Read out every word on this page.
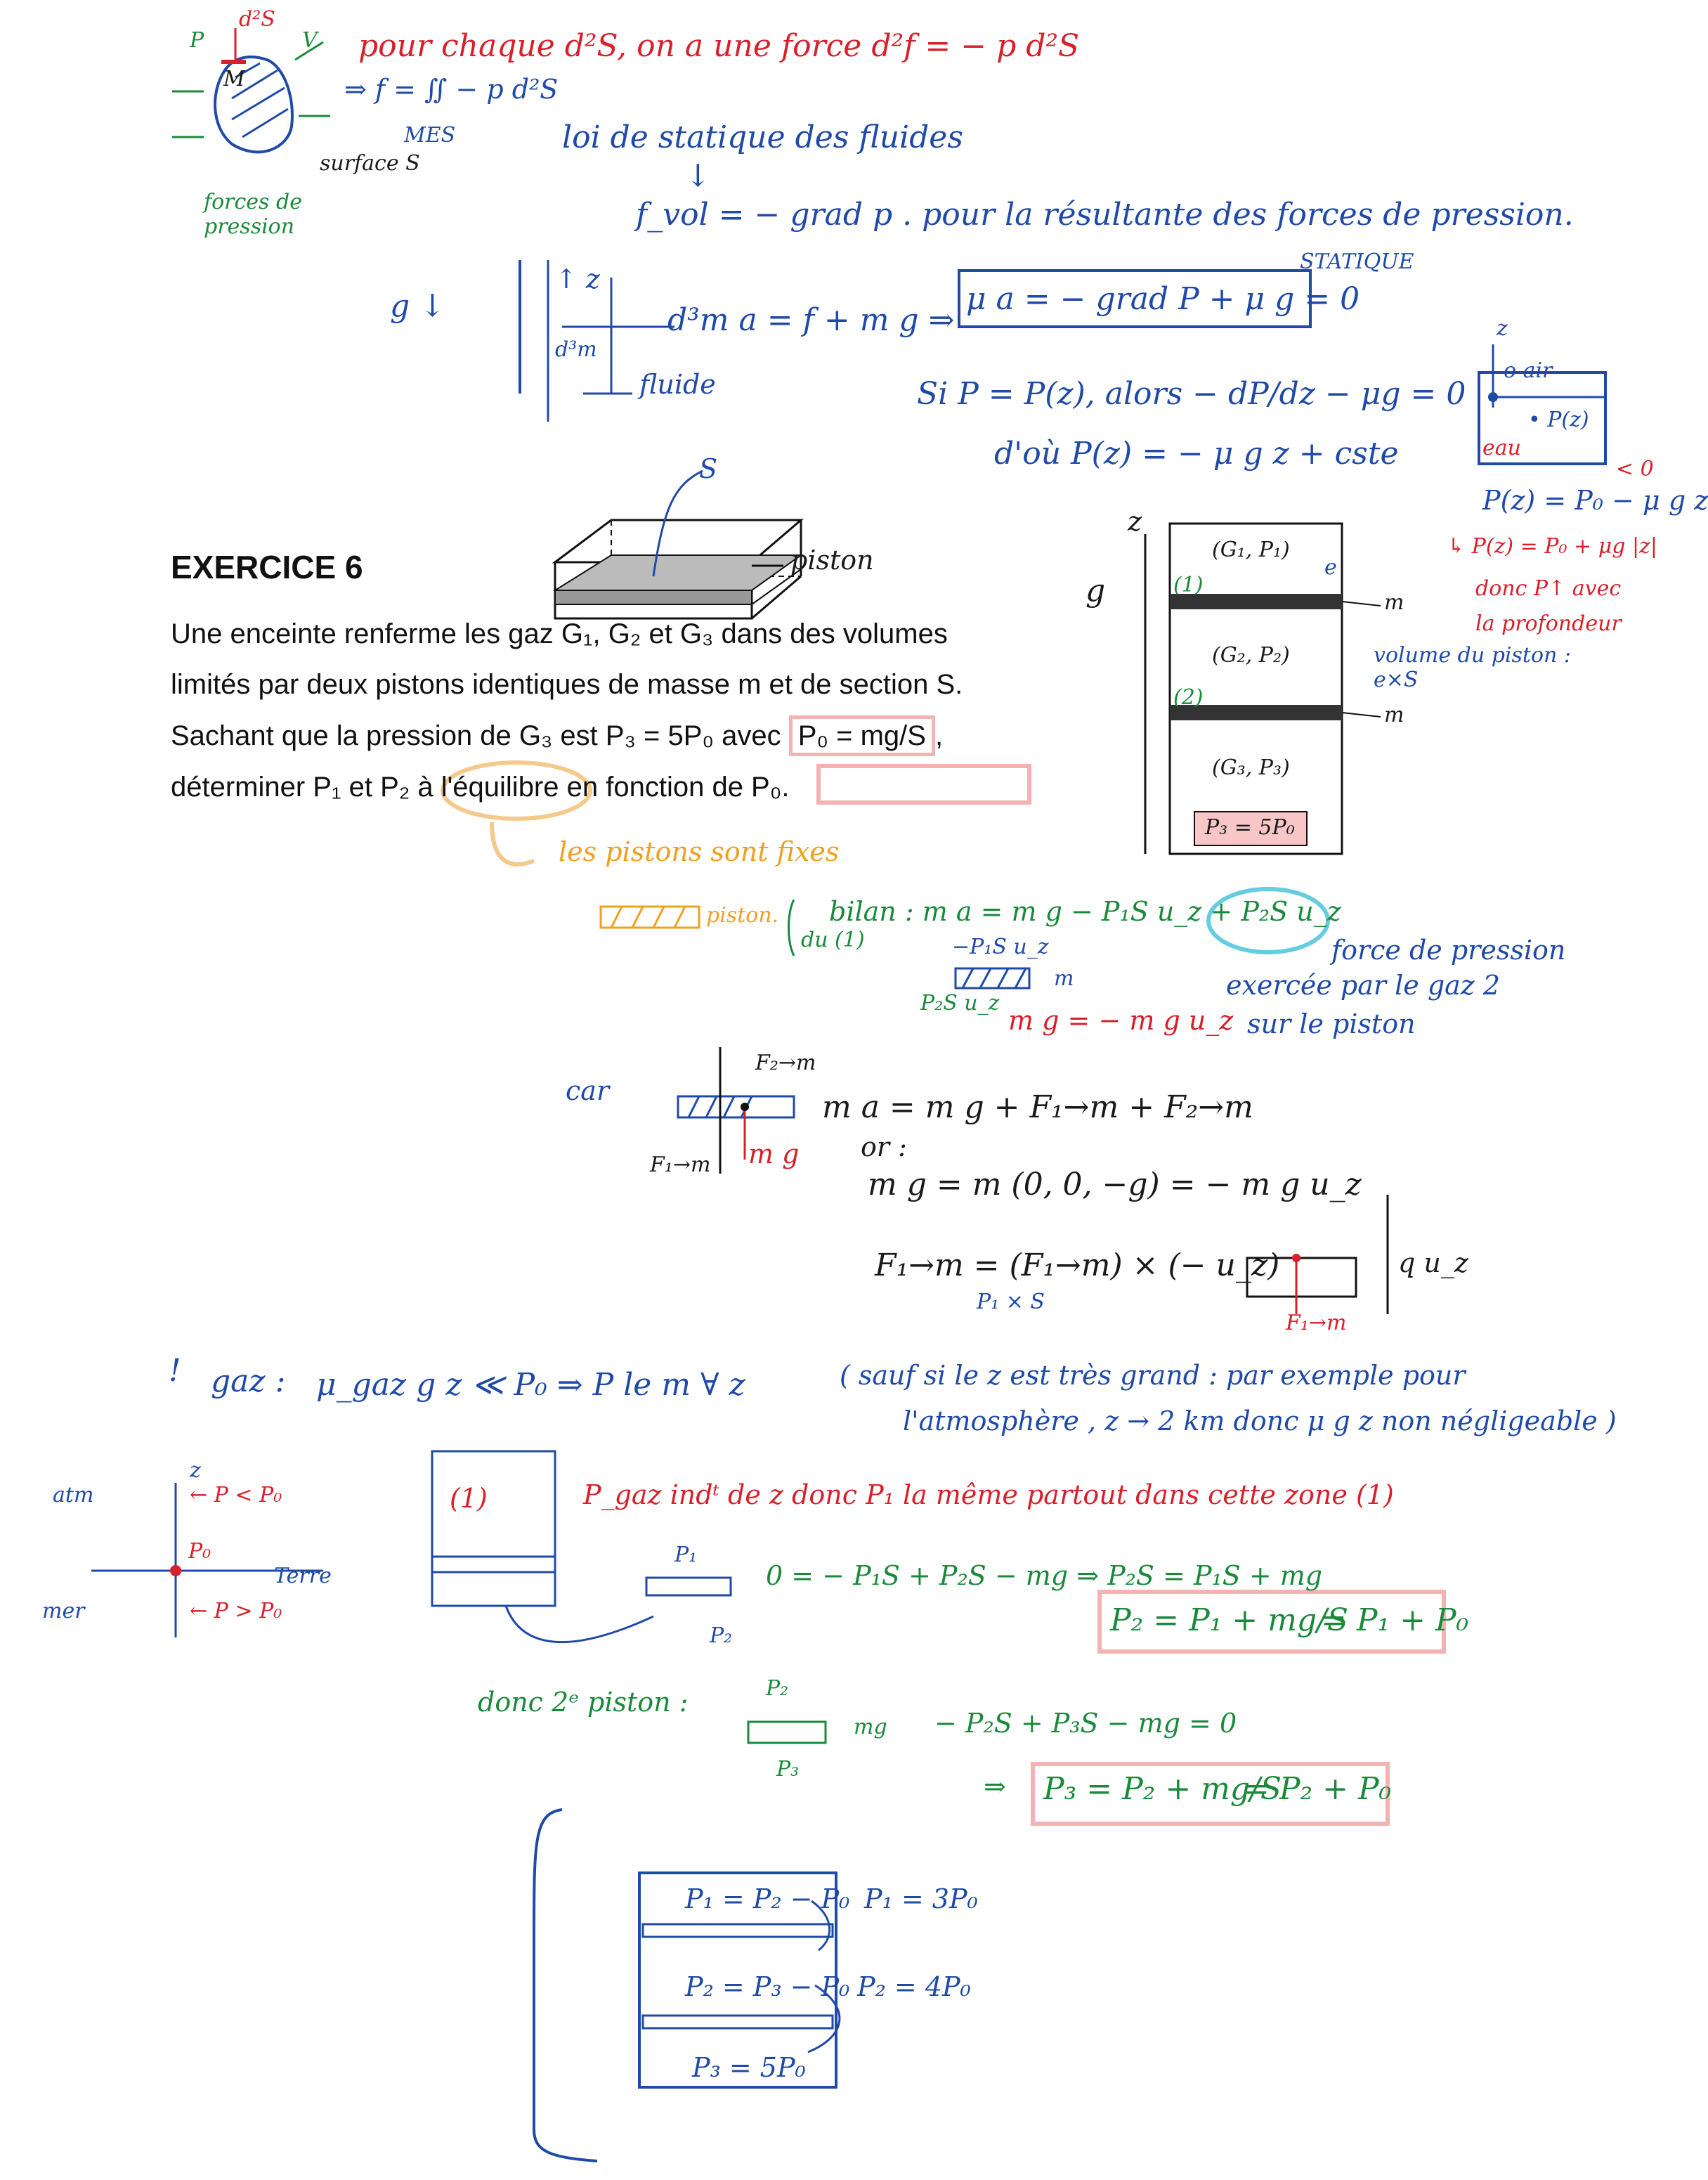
pour chaque d²S, on a une force d²f = − p d²S
⇒ f = ∬ − p d²S
MES
surface S
forces de pression
P
M
d²S
V
loi de statique des fluides
↓
f_vol = − grad p . pour la résultante des forces de pression.
STATIQUE
g ↓
↑ z
d³m
fluide
d³m a = f + m g ⇒
μ a = − grad P + μ g = 0
Si P = P(z), alors − dP/dz − μg = 0
d'où P(z) = − μ g z + cste
z
o air
• P(z)
eau
< 0
P(z) = P₀ − μ g z
↳ P(z) = P₀ + μg |z|
donc P↑ avec
la profondeur
EXERCICE 6
Une enceinte renferme les gaz G₁, G₂ et G₃ dans des volumes
limités par deux pistons identiques de masse m et de section S.
Sachant que la pression de G₃ est P₃ = 5P₀ avec P₀ = mg/S ,
déterminer P₁ et P₂ à l'équilibre en fonction de P₀.
S
piston	(G₁, P₁)
(G₂, P₂)
(G₃, P₃)
P₃ = 5P₀
z
g	(1)
(2)
e
m
m
volume du piston : e×S
les pistons sont fixes
piston. bilan : m a = m g − P₁S u_z + P₂S u_z
du (1)	force de pression
exercée par le gaz 2
sur le piston
−P₁S u_z
P₂S u_z
m
m g = − m g u_z
car
F₂→m
F₁→m m g
m a = m g + F₁→m + F₂→m
or :
m g = m (0, 0, −g) = − m g u_z
F₁→m = (F₁→m) × (− u_z)
P₁ × S
F₁→m
q u_z
! gaz : μ_gaz g z ≪ P₀ ⇒ P le m ∀ z	( sauf si le z est très grand : par exemple pour
l'atmosphère , z → 2 km donc μ g z non négligeable )
atm
mer
z
← P < P₀
P₀
Terre
← P > P₀
(1)	P_gaz indᵗ de z donc P₁ la même partout dans cette zone (1)
P₁
P₂
0 = − P₁S + P₂S − mg ⇒ P₂S = P₁S + mg
P₂ = P₁ + mg/S
= P₁ + P₀
donc 2ᵉ piston :	P₂
P₃
mg − P₂S + P₃S − mg = 0
⇒ P₃ = P₂ + mg/S
= P₂ + P₀
P₁ = P₂ − P₀ P₁ = 3P₀
P₂ = P₃ − P₀ P₂ = 4P₀
P₃ = 5P₀
